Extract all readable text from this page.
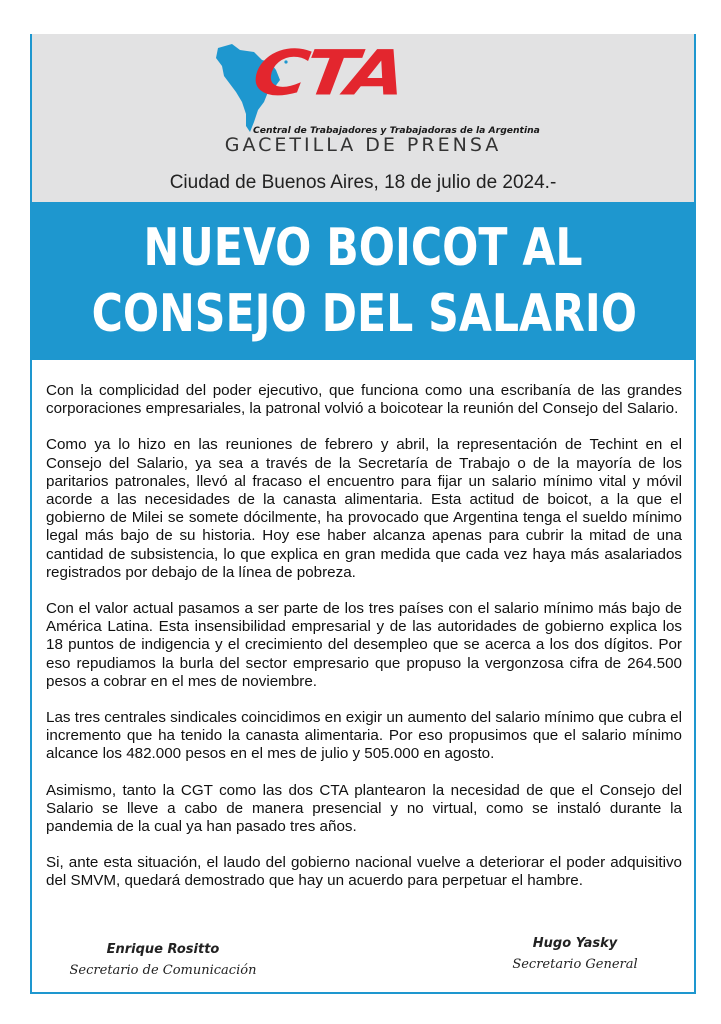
CTA
Central de Trabajadores y Trabajadoras de la Argentina
GACETILLA DE PRENSA
Ciudad de Buenos Aires, 18 de julio de 2024.-
NUEVO BOICOT AL
CONSEJO DEL SALARIO

Con la complicidad del poder ejecutivo, que funciona como una escribanía de las grandes corporaciones empresariales, la patronal volvió a boicotear la reunión del Consejo del Salario.

Como ya lo hizo en las reuniones de febrero y abril, la representación de Techint en el Consejo del Salario, ya sea a través de la Secretaría de Trabajo o de la mayoría de los paritarios patronales, llevó al fracaso el encuentro para fijar un salario mínimo vital y móvil acorde a las necesidades de la canasta alimentaria. Esta actitud de boicot, a la que el gobierno de Milei se somete dócilmente, ha provocado que Argentina tenga el sueldo mínimo legal más bajo de su historia. Hoy ese haber alcanza apenas para cubrir la mitad de una cantidad de subsistencia, lo que explica en gran medida que cada vez haya más asalariados registrados por debajo de la línea de pobreza.

Con el valor actual pasamos a ser parte de los tres países con el salario mínimo más bajo de América Latina. Esta insensibilidad empresarial y de las autoridades de gobierno explica los 18 puntos de indigencia y el crecimiento del desempleo que se acerca a los dos dígitos. Por eso repudiamos la burla del sector empresario que propuso la vergonzosa cifra de 264.500 pesos a cobrar en el mes de noviembre.

Las tres centrales sindicales coincidimos en exigir un aumento del salario mínimo que cubra el incremento que ha tenido la canasta alimentaria. Por eso propusimos que el salario mínimo alcance los 482.000 pesos en el mes de julio y 505.000 en agosto.

Asimismo, tanto la CGT como las dos CTA plantearon la necesidad de que el Consejo del Salario se lleve a cabo de manera presencial y no virtual, como se instaló durante la pandemia de la cual ya han pasado tres años.

Si, ante esta situación, el laudo del gobierno nacional vuelve a deteriorar el poder adquisitivo del SMVM, quedará demostrado que hay un acuerdo para perpetuar el hambre.

Enrique Rositto
Secretario de Comunicación
Hugo Yasky
Secretario General
